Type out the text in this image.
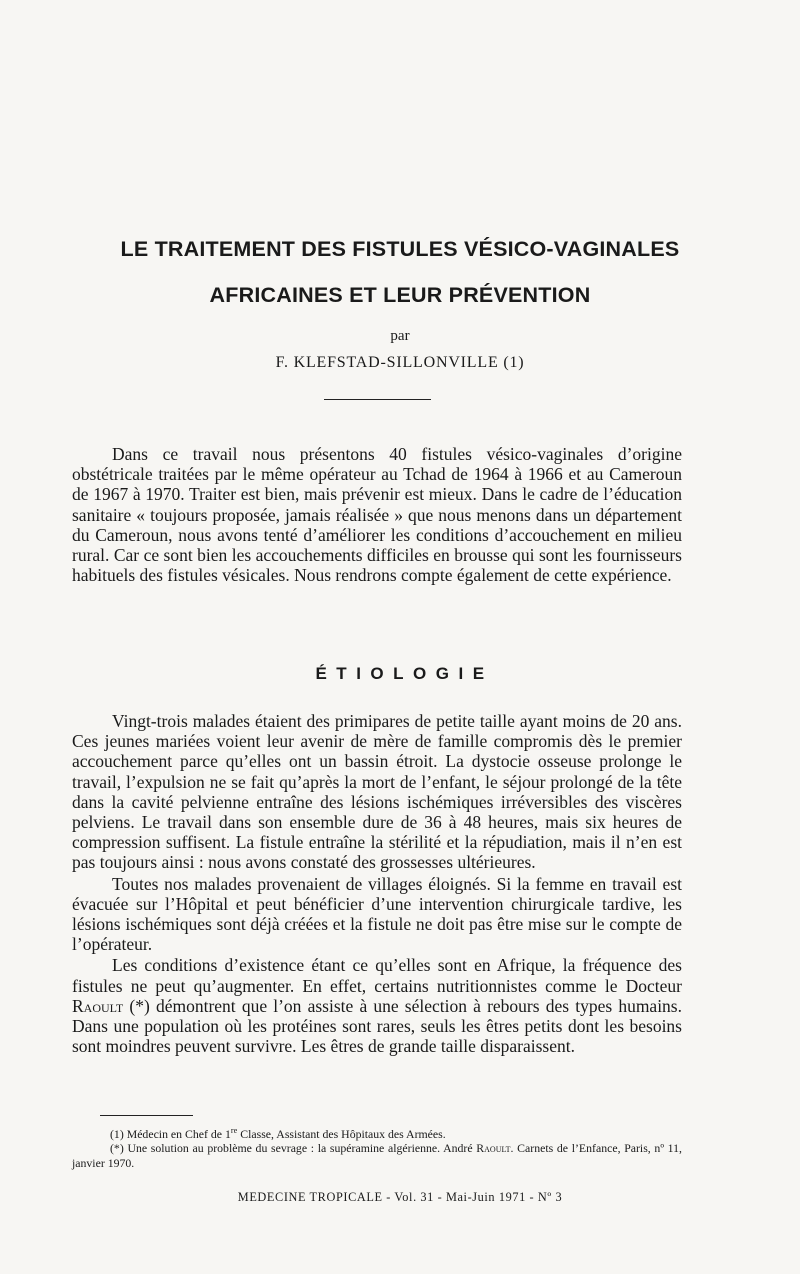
LE TRAITEMENT DES FISTULES VÉSICO-VAGINALES
AFRICAINES ET LEUR PRÉVENTION
par
F. KLEFSTAD-SILLONVILLE (1)

Dans ce travail nous présentons 40 fistules vésico-vaginales d’origine obstétricale traitées par le même opérateur au Tchad de 1964 à 1966 et au Cameroun de 1967 à 1970. Traiter est bien, mais prévenir est mieux. Dans le cadre de l’éducation sanitaire « toujours proposée, jamais réalisée » que nous menons dans un département du Cameroun, nous avons tenté d’améliorer les conditions d’accouchement en milieu rural. Car ce sont bien les accouchements difficiles en brousse qui sont les fournisseurs habituels des fistules vésicales. Nous rendrons compte également de cette expérience.

ÉTIOLOGIE

Vingt-trois malades étaient des primipares de petite taille ayant moins de 20 ans. Ces jeunes mariées voient leur avenir de mère de famille compromis dès le premier accouchement parce qu’elles ont un bassin étroit. La dystocie osseuse prolonge le travail, l’expulsion ne se fait qu’après la mort de l’enfant, le séjour prolongé de la tête dans la cavité pelvienne entraîne des lésions ischémiques irréversibles des viscères pelviens. Le travail dans son ensemble dure de 36 à 48 heures, mais six heures de compression suffisent. La fistule entraîne la stérilité et la répudiation, mais il n’en est pas toujours ainsi : nous avons constaté des grossesses ultérieures.

Toutes nos malades provenaient de villages éloignés. Si la femme en travail est évacuée sur l’Hôpital et peut bénéficier d’une intervention chirurgicale tardive, les lésions ischémiques sont déjà créées et la fistule ne doit pas être mise sur le compte de l’opérateur.

Les conditions d’existence étant ce qu’elles sont en Afrique, la fréquence des fistules ne peut qu’augmenter. En effet, certains nutritionnistes comme le Docteur Raoult (*) démontrent que l’on assiste à une sélection à rebours des types humains. Dans une population où les protéines sont rares, seuls les êtres petits dont les besoins sont moindres peuvent survivre. Les êtres de grande taille disparaissent.

(1) Médecin en Chef de 1re Classe, Assistant des Hôpitaux des Armées.
(*) Une solution au problème du sevrage : la supéramine algérienne. André Raoult. Carnets de l’Enfance, Paris, nº 11, janvier 1970.
MEDECINE TROPICALE - Vol. 31 - Mai-Juin 1971 - Nº 3
